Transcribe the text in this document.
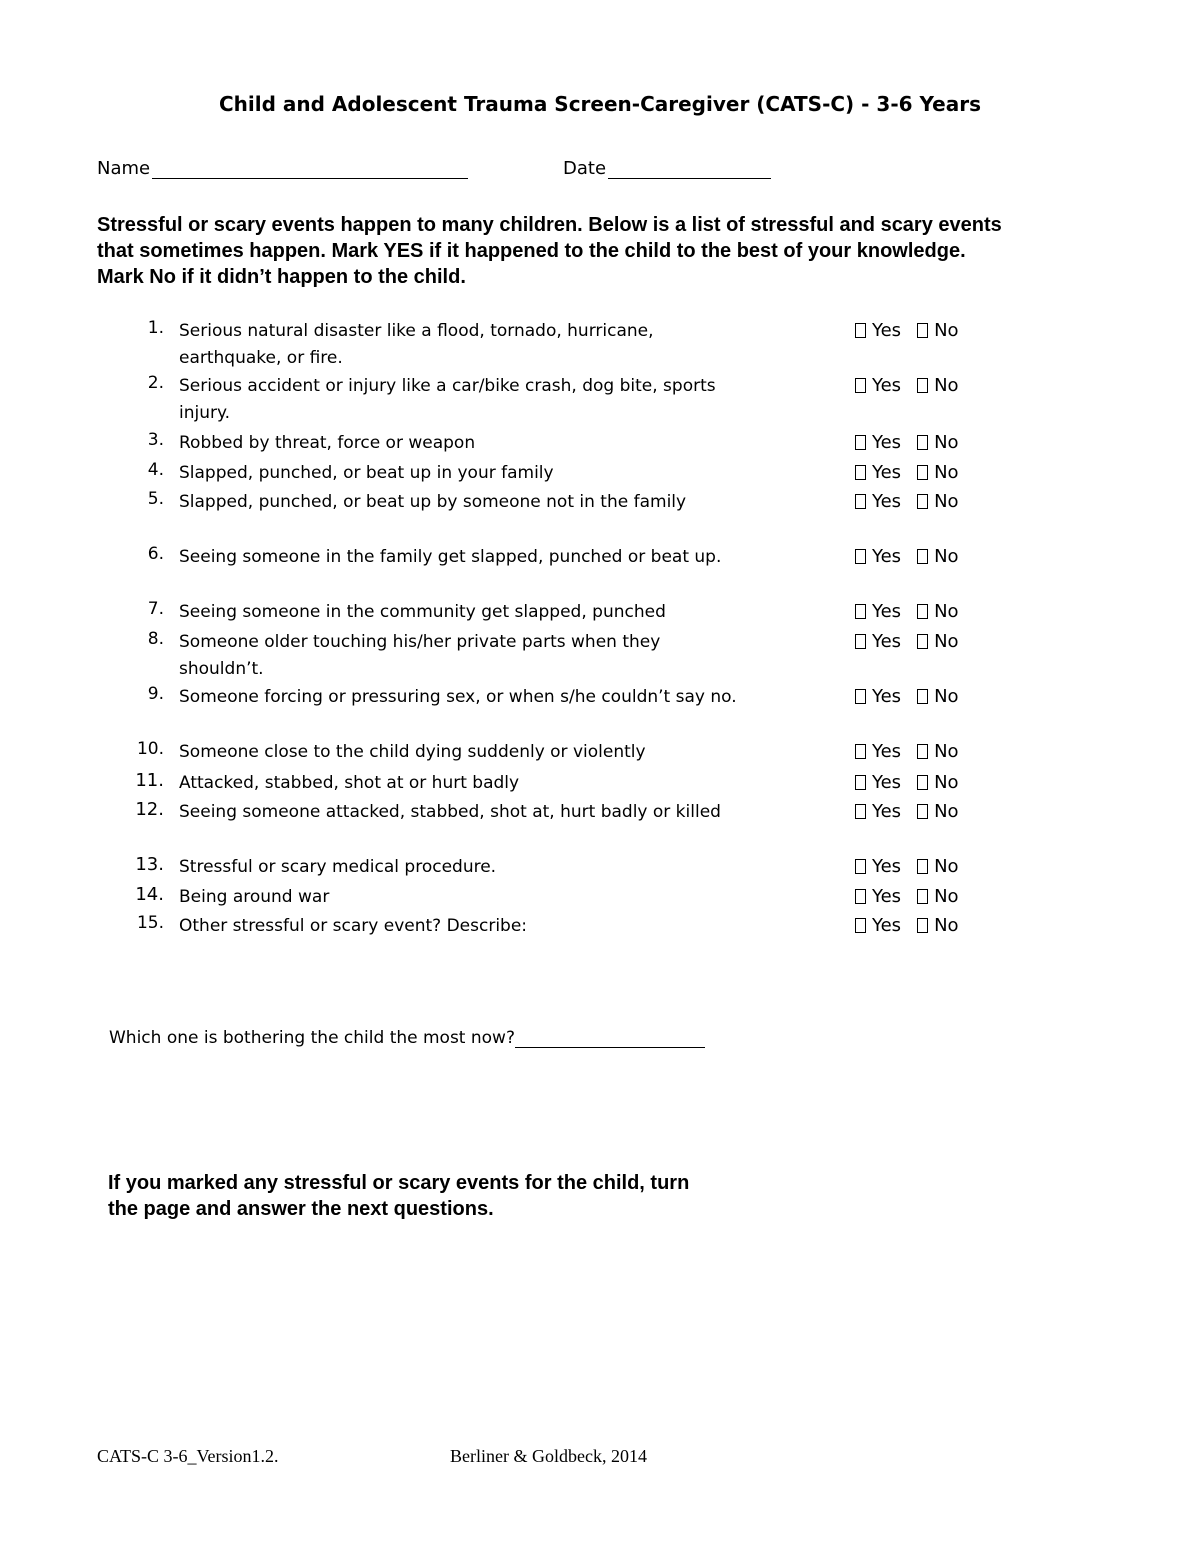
Child and Adolescent Trauma Screen-Caregiver (CATS-C) - 3-6 Years
Name	Date
Stressful or scary events happen to many children. Below is a list of stressful and scary events
that sometimes happen. Mark YES if it happened to the child to the best of your knowledge.
Mark No if it didn’t happen to the child.
1. Serious natural disaster like a flood, tornado, hurricane, earthquake, or fire.
Yes No
2. Serious accident or injury like a car/bike crash, dog bite, sports injury.
Yes No
3. Robbed by threat, force or weapon	Yes No
4. Slapped, punched, or beat up in your family	Yes No
5. Slapped, punched, or beat up by someone not in the family	Yes No
6. Seeing someone in the family get slapped, punched or beat up.	Yes No
7. Seeing someone in the community get slapped, punched	Yes No
8. Someone older touching his/her private parts when they shouldn’t.
Yes No
9. Someone forcing or pressuring sex, or when s/he couldn’t say no.	Yes No
10. Someone close to the child dying suddenly or violently	Yes No
11. Attacked, stabbed, shot at or hurt badly	Yes No
12. Seeing someone attacked, stabbed, shot at, hurt badly or killed	Yes No
13. Stressful or scary medical procedure.	Yes No
14. Being around war	Yes No
15. Other stressful or scary event? Describe:	Yes No
Which one is bothering the child the most now?
If you marked any stressful or scary events for the child, turn
the page and answer the next questions.
CATS-C 3-6_Version1.2.	Berliner & Goldbeck, 2014
